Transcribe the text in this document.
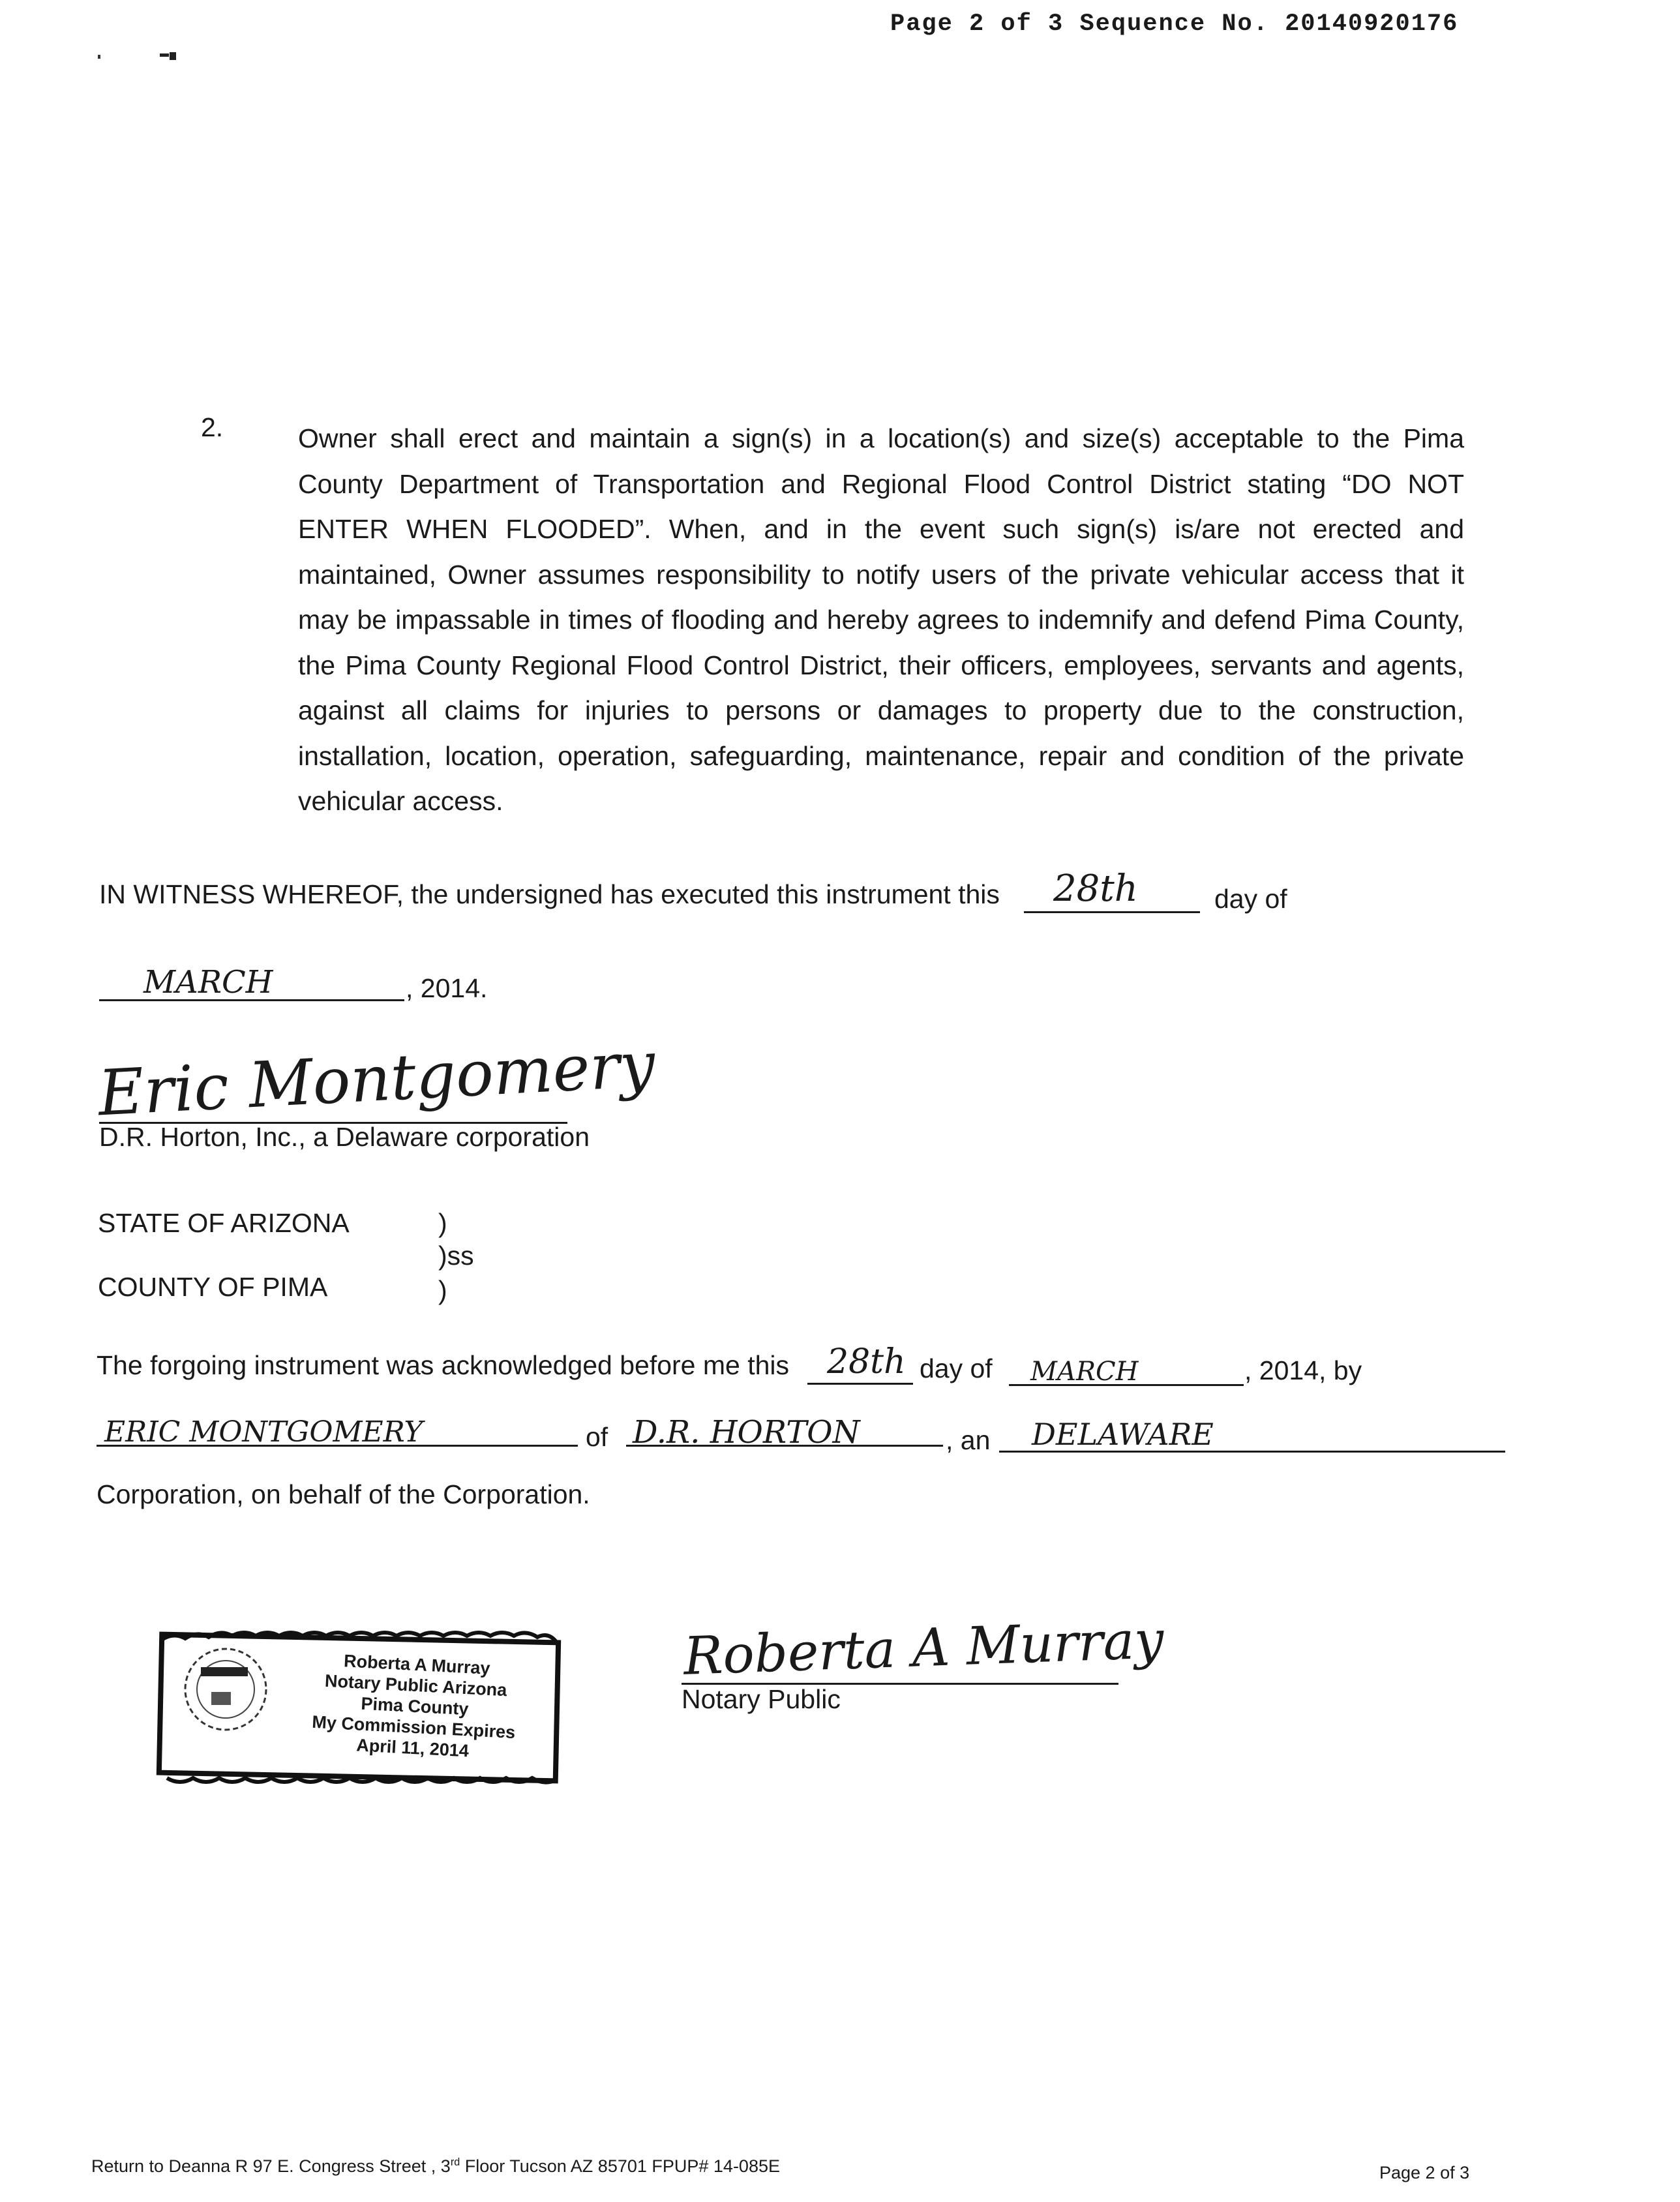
Page 2 of 3 Sequence No. 20140920176
2.	Owner shall erect and maintain a sign(s) in a location(s) and size(s) acceptable to the Pima County Department of Transportation and Regional Flood Control District stating “DO NOT ENTER WHEN FLOODED”. When, and in the event such sign(s) is/are not erected and maintained, Owner assumes responsibility to notify users of the private vehicular access that it may be impassable in times of flooding and hereby agrees to indemnify and defend Pima County, the Pima County Regional Flood Control District, their officers, employees, servants and agents, against all claims for injuries to persons or damages to property due to the construction, installation, location, operation, safeguarding, maintenance, repair and condition of the private vehicular access.
IN WITNESS WHEREOF, the undersigned has executed this instrument this 28th	day of
MARCH	, 2014.
Eric Montgomery
D.R. Horton, Inc., a Delaware corporation
STATE OF ARIZONA	)
)ss
COUNTY OF PIMA	)
The forgoing instrument was acknowledged before me this 28th day of MARCH	, 2014, by
ERIC MONTGOMERY	of D.R. HORTON	, an DELAWARE
Corporation, on behalf of the Corporation.
Roberta A Murray
Notary Public Arizona
Pima County
My Commission Expires
April 11, 2014
Roberta A Murray
Notary Public
Return to Deanna R 97 E. Congress Street , 3rd Floor Tucson AZ 85701 FPUP# 14-085E	Page 2 of 3
